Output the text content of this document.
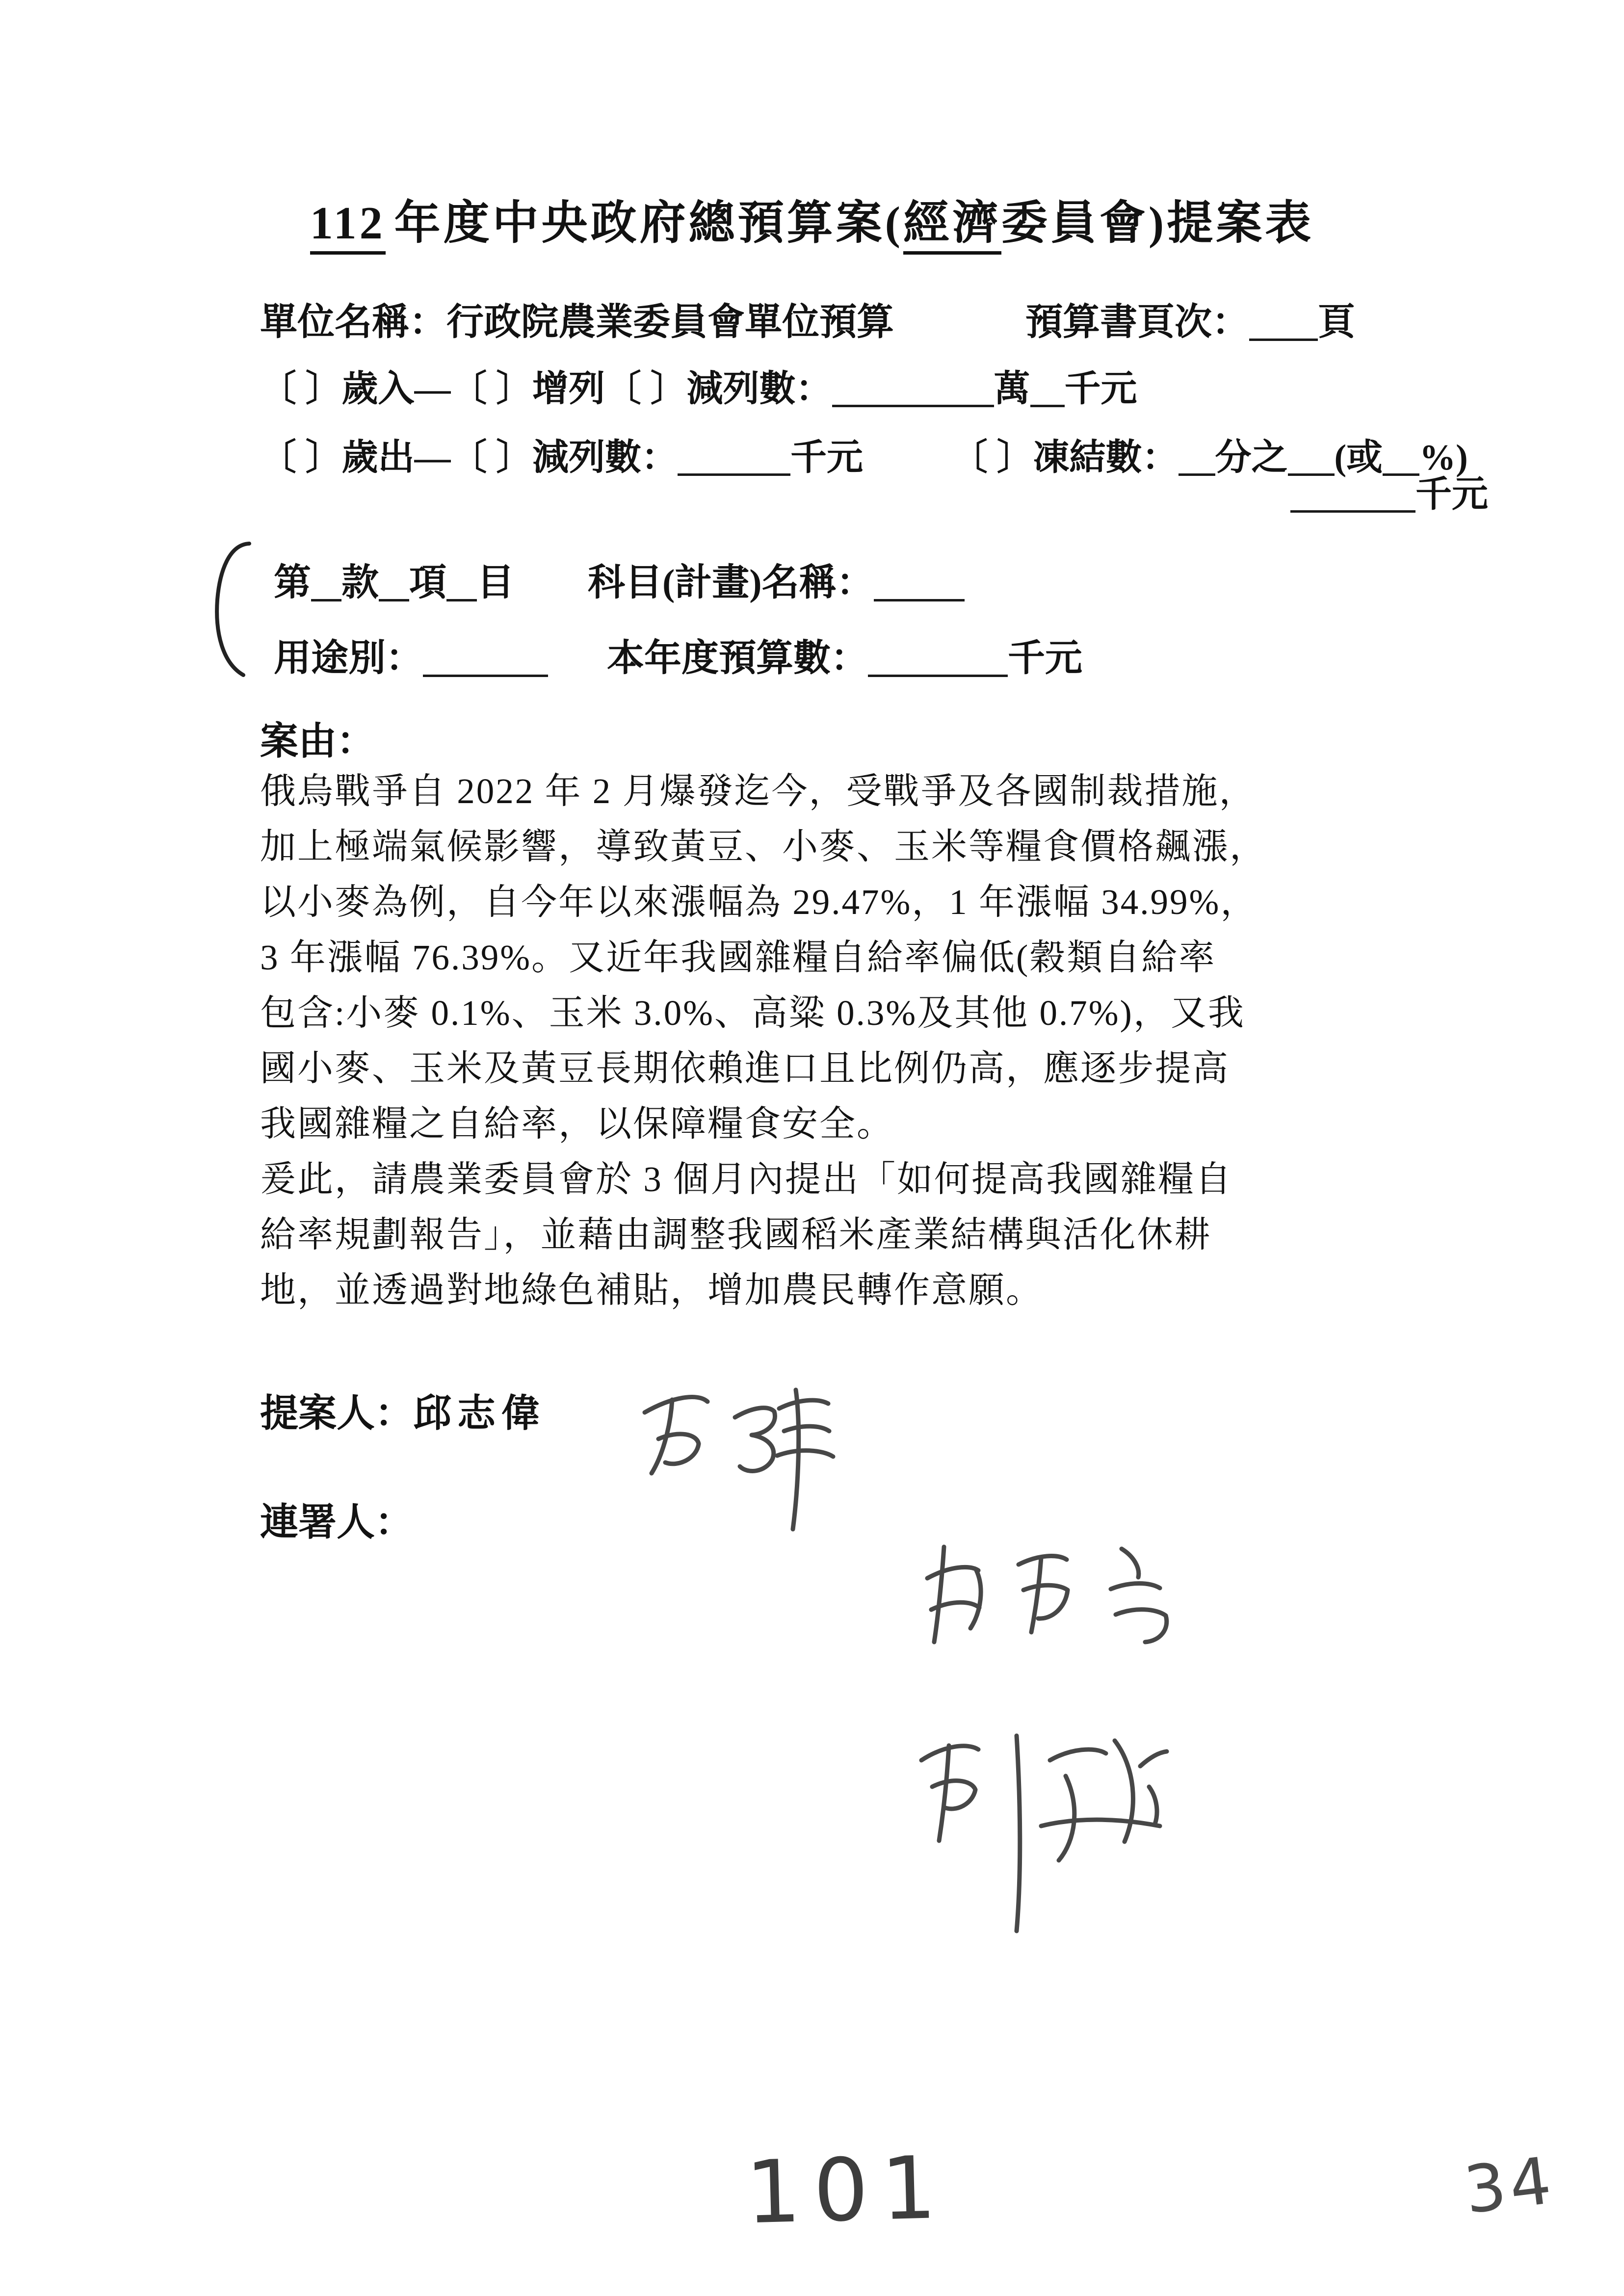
112 年度中央政府總預算案(經濟委員會)提案表
單位名稱：行政院農業委員會單位預算	預算書頁次： 頁
〔 〕歲入—〔 〕增列〔 〕減列數：	萬 千元
〔 〕歲出—〔 〕減列數：	千元 〔 〕凍結數： 分之 (或 %)
千元
第 款 項 目 科目(計畫)名稱：
用途別：	本年度預算數：	千元
案由：
俄烏戰爭自 2022 年 2 月爆發迄今，受戰爭及各國制裁措施，
加上極端氣候影響，導致黃豆、小麥、玉米等糧食價格飆漲，
以小麥為例，自今年以來漲幅為 29.47%，1 年漲幅 34.99%，
3 年漲幅 76.39%。又近年我國雜糧自給率偏低(穀類自給率
包含:小麥 0.1%、玉米 3.0%、高粱 0.3%及其他 0.7%)，又我
國小麥、玉米及黃豆長期依賴進口且比例仍高，應逐步提高
我國雜糧之自給率，以保障糧食安全。
爰此，請農業委員會於 3 個月內提出「如何提高我國雜糧自
給率規劃報告」，並藉由調整我國稻米產業結構與活化休耕
地，並透過對地綠色補貼，增加農民轉作意願。
提案人：邱志偉
連署人：
101	34
